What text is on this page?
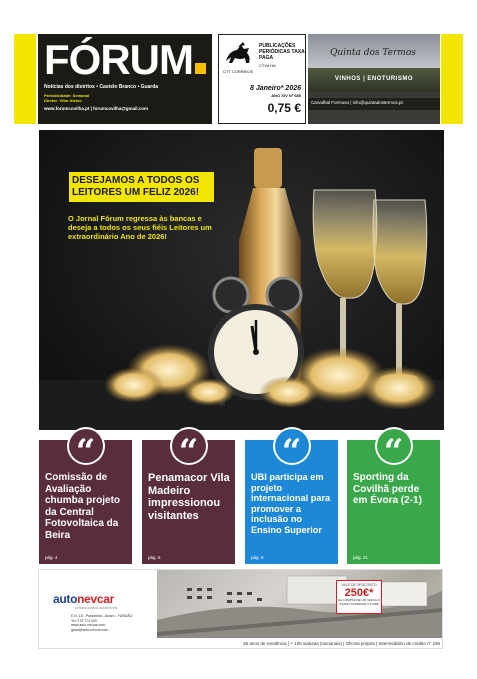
FÓRUM
Notícias dos distritos • Castelo Branco • Guarda
Periodicidade: Semanal
Diretor: Vítor Aleixo
www.forumcovilha.pt | forumcovilha@gmail.com
PUBLICAÇÕES PERIÓDICAS TAXA PAGA
CTVA HA
CTT CORREIOS
8 Janeiro* 2026
ANO XIV Nº 680
0,75 €
Quinta dos Termos
VINHOS | ENOTURISMO
Carvalhal Formoso | info@quintadostermos.pt
DESEJAMOS A TODOS OS
LEITORES UM FELIZ 2026!
O Jornal Fórum regressa às bancas e deseja a todos os seus fiéis Leitores um extraordinário Ano de 2026!
“
Comissão de Avaliação chumba projeto da Central Fotovoltaica da Beira
pág. 4
“
Penamacor Vila Madeiro impressionou visitantes
pág. 5
“
UBI participa em projeto internacional para promover a inclusão no Ensino Superior
pág. 8
“
Sporting da Covilhã perde em Évora (2-1)
pág. 21
autonevcar
concessionário automóveis
E.N. 18 - Paradinha - Alvaro - FUNDÃO
Tel. 275 774 000
www.auto-nevcar.com
geral@auto-nevcar.com
VALE DE DESCONTO
250€*
NA COMPRA DE UM VEÍCULO USADO SUPERIOR A 5.000€
35 anos de existência | + 100 viaturas (nacionais) | Oficina própria | Intermediário de crédito nº 236
